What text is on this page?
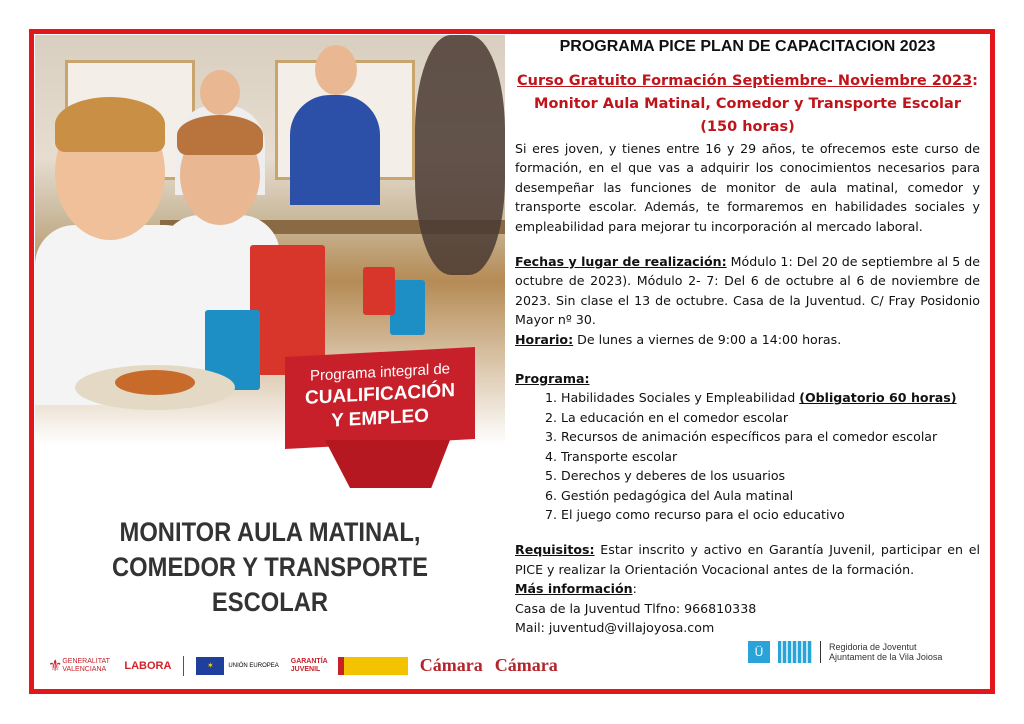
Programa integral de
CUALIFICACIÓN
Y EMPLEO
MONITOR AULA MATINAL,
COMEDOR Y TRANSPORTE
ESCOLAR
⚜ GENERALITAT VALENCIANA	LABORA	✶	UNIÓN EUROPEA
GARANTÍA JUVENIL	Cámara Cámara
PROGRAMA PICE PLAN DE CAPACITACION 2023
Curso Gratuito Formación Septiembre- Noviembre 2023:
Monitor Aula Matinal, Comedor y Transporte Escolar
(150 horas)

Si eres joven, y tienes entre 16 y 29 años, te ofrecemos este curso de formación, en el que vas a adquirir los conocimientos necesarios para desempeñar las funciones de monitor de aula matinal, comedor y transporte escolar. Además, te formaremos en habilidades sociales y empleabilidad para mejorar tu incorporación al mercado laboral.

Fechas y lugar de realización: Módulo 1: Del 20 de septiembre al 5 de octubre de 2023). Módulo 2- 7: Del 6 de octubre al 6 de noviembre de 2023. Sin clase el 13 de octubre. Casa de la Juventud. C/ Fray Posidonio Mayor nº 30.

Horario: De lunes a viernes de 9:00 a 14:00 horas.

Programa:
1. Habilidades Sociales y Empleabilidad (Obligatorio 60 horas)
2. La educación en el comedor escolar
3. Recursos de animación específicos para el comedor escolar
4. Transporte escolar
5. Derechos y deberes de los usuarios
6. Gestión pedagógica del Aula matinal
7. El juego como recurso para el ocio educativo

Requisitos: Estar inscrito y activo en Garantía Juvenil, participar en el PICE y realizar la Orientación Vocacional antes de la formación.

Más información:
Casa de la Juventud Tlfno: 966810338
Mail: juventud@villajoyosa.com
Ü	Regidoria de Joventut
Ajuntament de la Vila Joiosa
